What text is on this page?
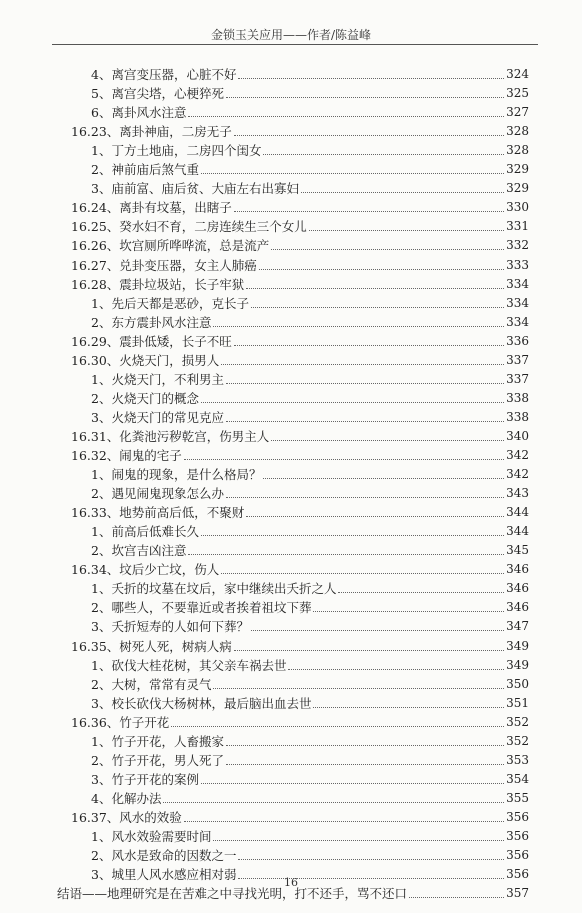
金锁玉关应用——作者/陈益峰
4、离宫变压器，心脏不好	324
5、离宫尖塔，心梗猝死	325
6、离卦风水注意	327
16.23、离卦神庙，二房无子	328
1、丁方土地庙，二房四个闺女	328
2、神前庙后煞气重	329
3、庙前富、庙后贫、大庙左右出寡妇	329
16.24、离卦有坟墓，出瞎子	330
16.25、癸水妇不育，二房连续生三个女儿	331
16.26、坎宫厕所哗哗流，总是流产	332
16.27、兑卦变压器，女主人肺癌	333
16.28、震卦垃圾站，长子牢狱	334
1、先后天都是恶砂，克长子	334
2、东方震卦风水注意	334
16.29、震卦低矮，长子不旺	336
16.30、火烧天门，损男人	337
1、火烧天门，不利男主	337
2、火烧天门的概念	338
3、火烧天门的常见克应	338
16.31、化粪池污秽乾宫，伤男主人	340
16.32、闹鬼的宅子	342
1、闹鬼的现象，是什么格局？	342
2、遇见闹鬼现象怎么办	343
16.33、地势前高后低，不聚财	344
1、前高后低难长久	344
2、坎宫吉凶注意	345
16.34、坟后少亡坟，伤人	346
1、夭折的坟墓在坟后，家中继续出夭折之人	346
2、哪些人，不要靠近或者挨着祖坟下葬	346
3、夭折短寿的人如何下葬？	347
16.35、树死人死，树病人病	349
1、砍伐大桂花树，其父亲车祸去世	349
2、大树，常常有灵气	350
3、校长砍伐大杨树林，最后脑出血去世	351
16.36、竹子开花	352
1、竹子开花，人畜搬家	352
2、竹子开花，男人死了	353
3、竹子开花的案例	354
4、化解办法	355
16.37、风水的效验	356
1、风水效验需要时间	356
2、风水是致命的因数之一	356
3、城里人风水感应相对弱	356
结语——地理研究是在苦难之中寻找光明，打不还手，骂不还口	357
16
